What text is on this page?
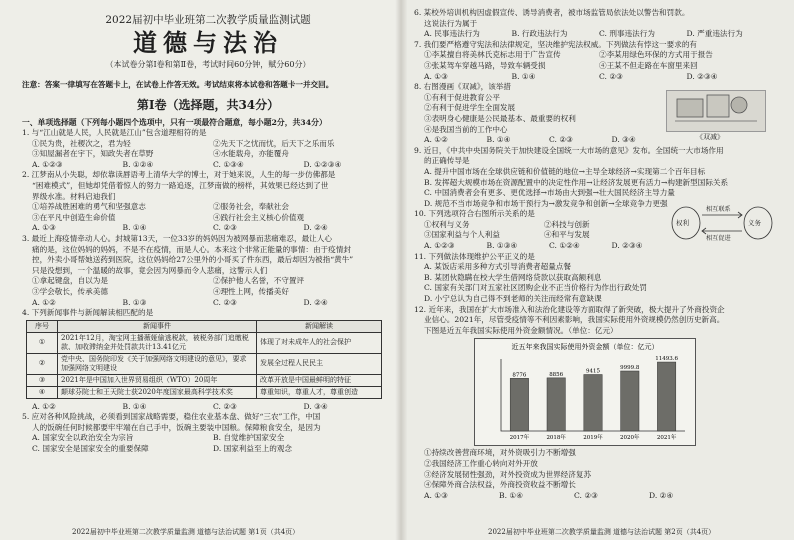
2022届初中毕业班第二次教学质量监测试题
道德与法治
（本试卷分第Ⅰ卷和第Ⅱ卷，考试时间60分钟，赋分60分）
注意：答案一律填写在答题卡上，在试卷上作答无效。考试结束将本试卷和答题卡一并交回。
第Ⅰ卷（选择题，共34分）
一、单项选择题（下列每小题四个选项中，只有一项最符合题意，每小题2分，共34分）
1. 与“江山就是人民，人民就是江山”包含道理相符的是
①民为贵，社稷次之，君为轻	②先天下之忧而忧，后天下之乐而乐
③知屋漏者在宇下，知政失者在草野	④水能载舟，亦能覆舟
A. ①②③	B. ①②④	C. ①③④	D. ①②③④
2. 江梦南从小失聪，却依靠读唇语考上清华大学的博士，对于她来说，人生的每一步仿佛都是
“困难模式”，但她却凭借着惊人的努力一路追逐，江梦南做的榜样，其效果已经达到了世
界级水准。材料启迪我们
①培养战胜困难的勇气和坚强意志	②服务社会，奉献社会
③在平凡中创造生命价值	④践行社会主义核心价值观
A. ①③	B. ①④	C. ②③	D. ②④
3. 最近上海疫情牵动人心。封城第13天，一位33岁的妈妈因为被网暴而悲痛难忍，最让人心
痛的是，这位妈妈的妈妈，不是不在疫情，而是人心。本来这个非常正能量的事情：由于疫情封
控，外卖小哥帮她送药到医院，这位妈妈给27公里外的小哥买了件东西，最后却因为被指“黄牛”
只是没想到，一个温暖的故事，竟会因为网暴而令人悲痛，这警示人们
①拿起键盘，自以为是	②保护他人名誉，不守置评
③学会敬长，传承美德	④理性上网，传播美好
A. ①②	B. ①③	C. ②③	D. ②④
4. 下列新闻事件与新闻解读相匹配的是
序号	新闻事件	新闻解读
①	2021年12月，淘宝网主播薇娅偷逃税款，被税务部门追缴税款、加收滞纳金并处罚款共计13.41亿元	体现了对未成年人的社会保护
②	党中央、国务院印发《关于加强网络文明建设的意见》，要求加强网络文明建设	发展全过程人民民主
③	2021年是中国加入世界贸易组织（WTO）20周年	改革开放是中国最鲜明的特征
④	颠球芬院士和王天院士获2020年度国家最高科学技术奖	尊重知识，尊重人才，尊重创造
A. ①②	B. ①④	C. ②③	D. ③④
5. 应对各种风险挑战，必须看到国家战略需要，稳住农业基本盘、做好“三农”工作，中国
人的饭碗任何时候都要牢牢端在自己手中，饭碗主要装中国粮。保障粮食安全，是因为
A. 国家安全以政治安全为宗旨	B. 自觉维护国家安全
C. 国家安全是国家安全的重要保障	D. 国家利益至上的观念
2022届初中毕业班第二次教学质量监测 道德与法治试题 第1页（共4页）
6. 某校外培训机构因虚假宣传、诱导消费者，被市场监管局依法处以警告和罚款。
这说法行为属于
A. 民事违法行为	B. 行政违法行为	C. 刑事违法行为	D. 严重违法行为
7. 我们要严格遵守宪法和法律规定，坚决维护宪法权威。下列做法有悖这一要求的有
①李某擅自将美林氏克标志用于广告宣传	②李某用绿色环保的方式用于报告
③张某驾车穿越马路，导致车辆受损	④王某不但走路在车窗里来回
A. ①③	B. ①④	C. ②③	D. ②③④
8. 右图漫画《双减》，该举措
①有利于促进教育公平
②有利于促进学生全面发展
③表明身心健康是公民最基本、最重要的权利
④是我国当前的工作中心
A. ①②	B. ①④	C. ②③	D. ③④	《双减》
9. 近日，《中共中央国务院关于加快建设全国统一大市场的意见》发布。全国统一大市场作用
的正确传导是
A. 提升中国市场在全球供应链和价值链的地位→主导全球经济→实现第二个百年目标
B. 发挥超大规模市场在资源配置中的决定性作用→让经济发展更有活力→构建新型国际关系
C. 中国消费者会有更多、更优选择→市场由大到强→壮大国民经济主导力量
D. 规范不当市场竞争和市场干预行为→激发竞争和创新→全球竞争力更强
10. 下列选项符合右图所示关系的是
①权利与义务	②科技与创新
③国家利益与个人利益	④和平与发展
A. ①②③	B. ①③④	C. ①②④	D. ②③④
权利	义务
相互联系
相互促进
11. 下列做法体现维护公平正义的是
A. 某饭店采用多种方式引导消费者超量点餐
B. 某团伙隐瞒在校大学生借网络贷款以获取高额利息
C. 国家有关部门对五家社区团购企业不正当价格行为作出行政处罚
D. 小宁总认为自己得不到老师的关注而经常有意缺课
12. 近年来，我国在扩大市场准入和法治化建设等方面取得了新突破，极大提升了外商投资企
业信心。2021年，尽管受疫情等不利因素影响，我国实际使用外资规模仍然创历史新高。
下图是近五年我国实际使用外资金额情况。（单位：亿元）
近五年来我国实际使用外资金额（单位：亿元）
8776
2017年
8856
2018年
9415
2019年
9999.8
2020年
11493.6
2021年
①持续改善营商环境，对外资吸引力不断增强
②我国经济工作重心转向对外开放
③经济发展韧性强劲，对外投资成为世界经济复苏
④保障外商合法权益，外商投资收益不断增长
A. ①③	B. ①④	C. ②③	D. ②④
2022届初中毕业班第二次教学质量监测 道德与法治试题 第2页（共4页）
